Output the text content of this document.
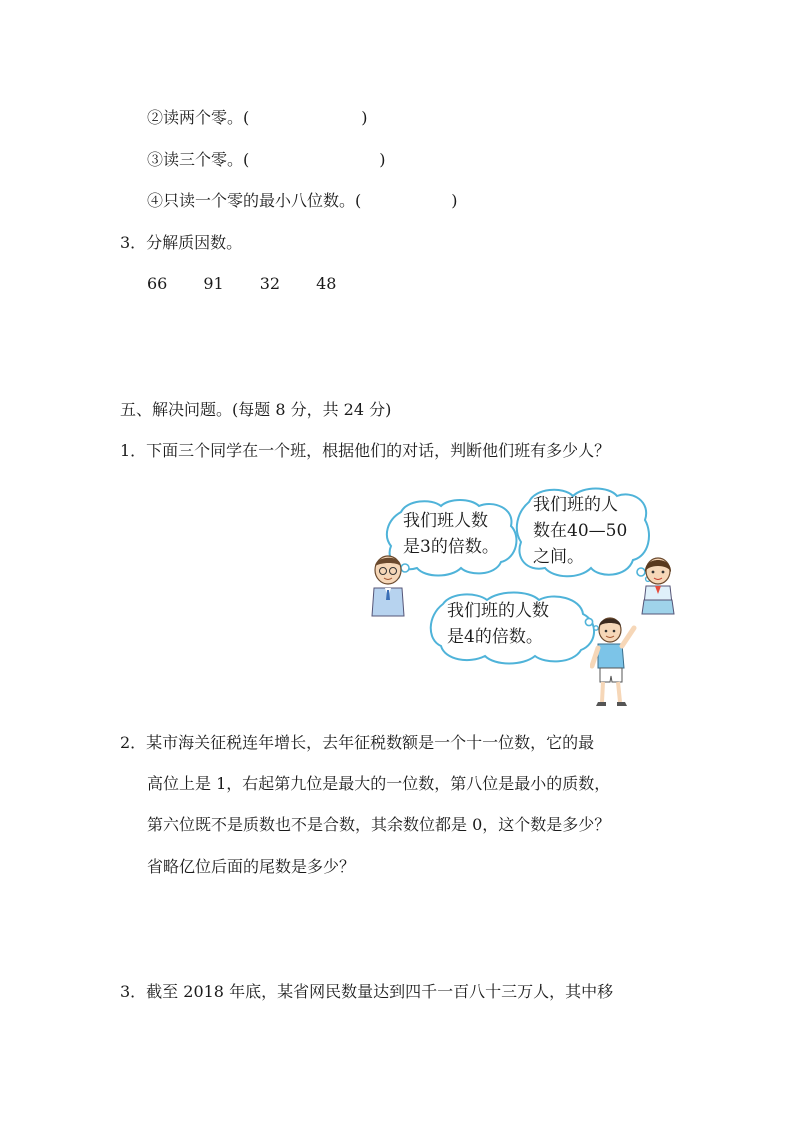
②读两个零。(	)
③读三个零。(	)
④只读一个零的最小八位数。(	)
3．分解质因数。
66 91 32 48
五、解决问题。(每题 8 分，共 24 分)
1．下面三个同学在一个班，根据他们的对话，判断他们班有多少人？
我们班人数
是3的倍数。
我们班的人
数在40—50
之间。
我们班的人数
是4的倍数。
2．某市海关征税连年增长，去年征税数额是一个十一位数，它的最
高位上是 1，右起第九位是最大的一位数，第八位是最小的质数，
第六位既不是质数也不是合数，其余数位都是 0，这个数是多少？
省略亿位后面的尾数是多少？
3．截至 2018 年底，某省网民数量达到四千一百八十三万人，其中移
